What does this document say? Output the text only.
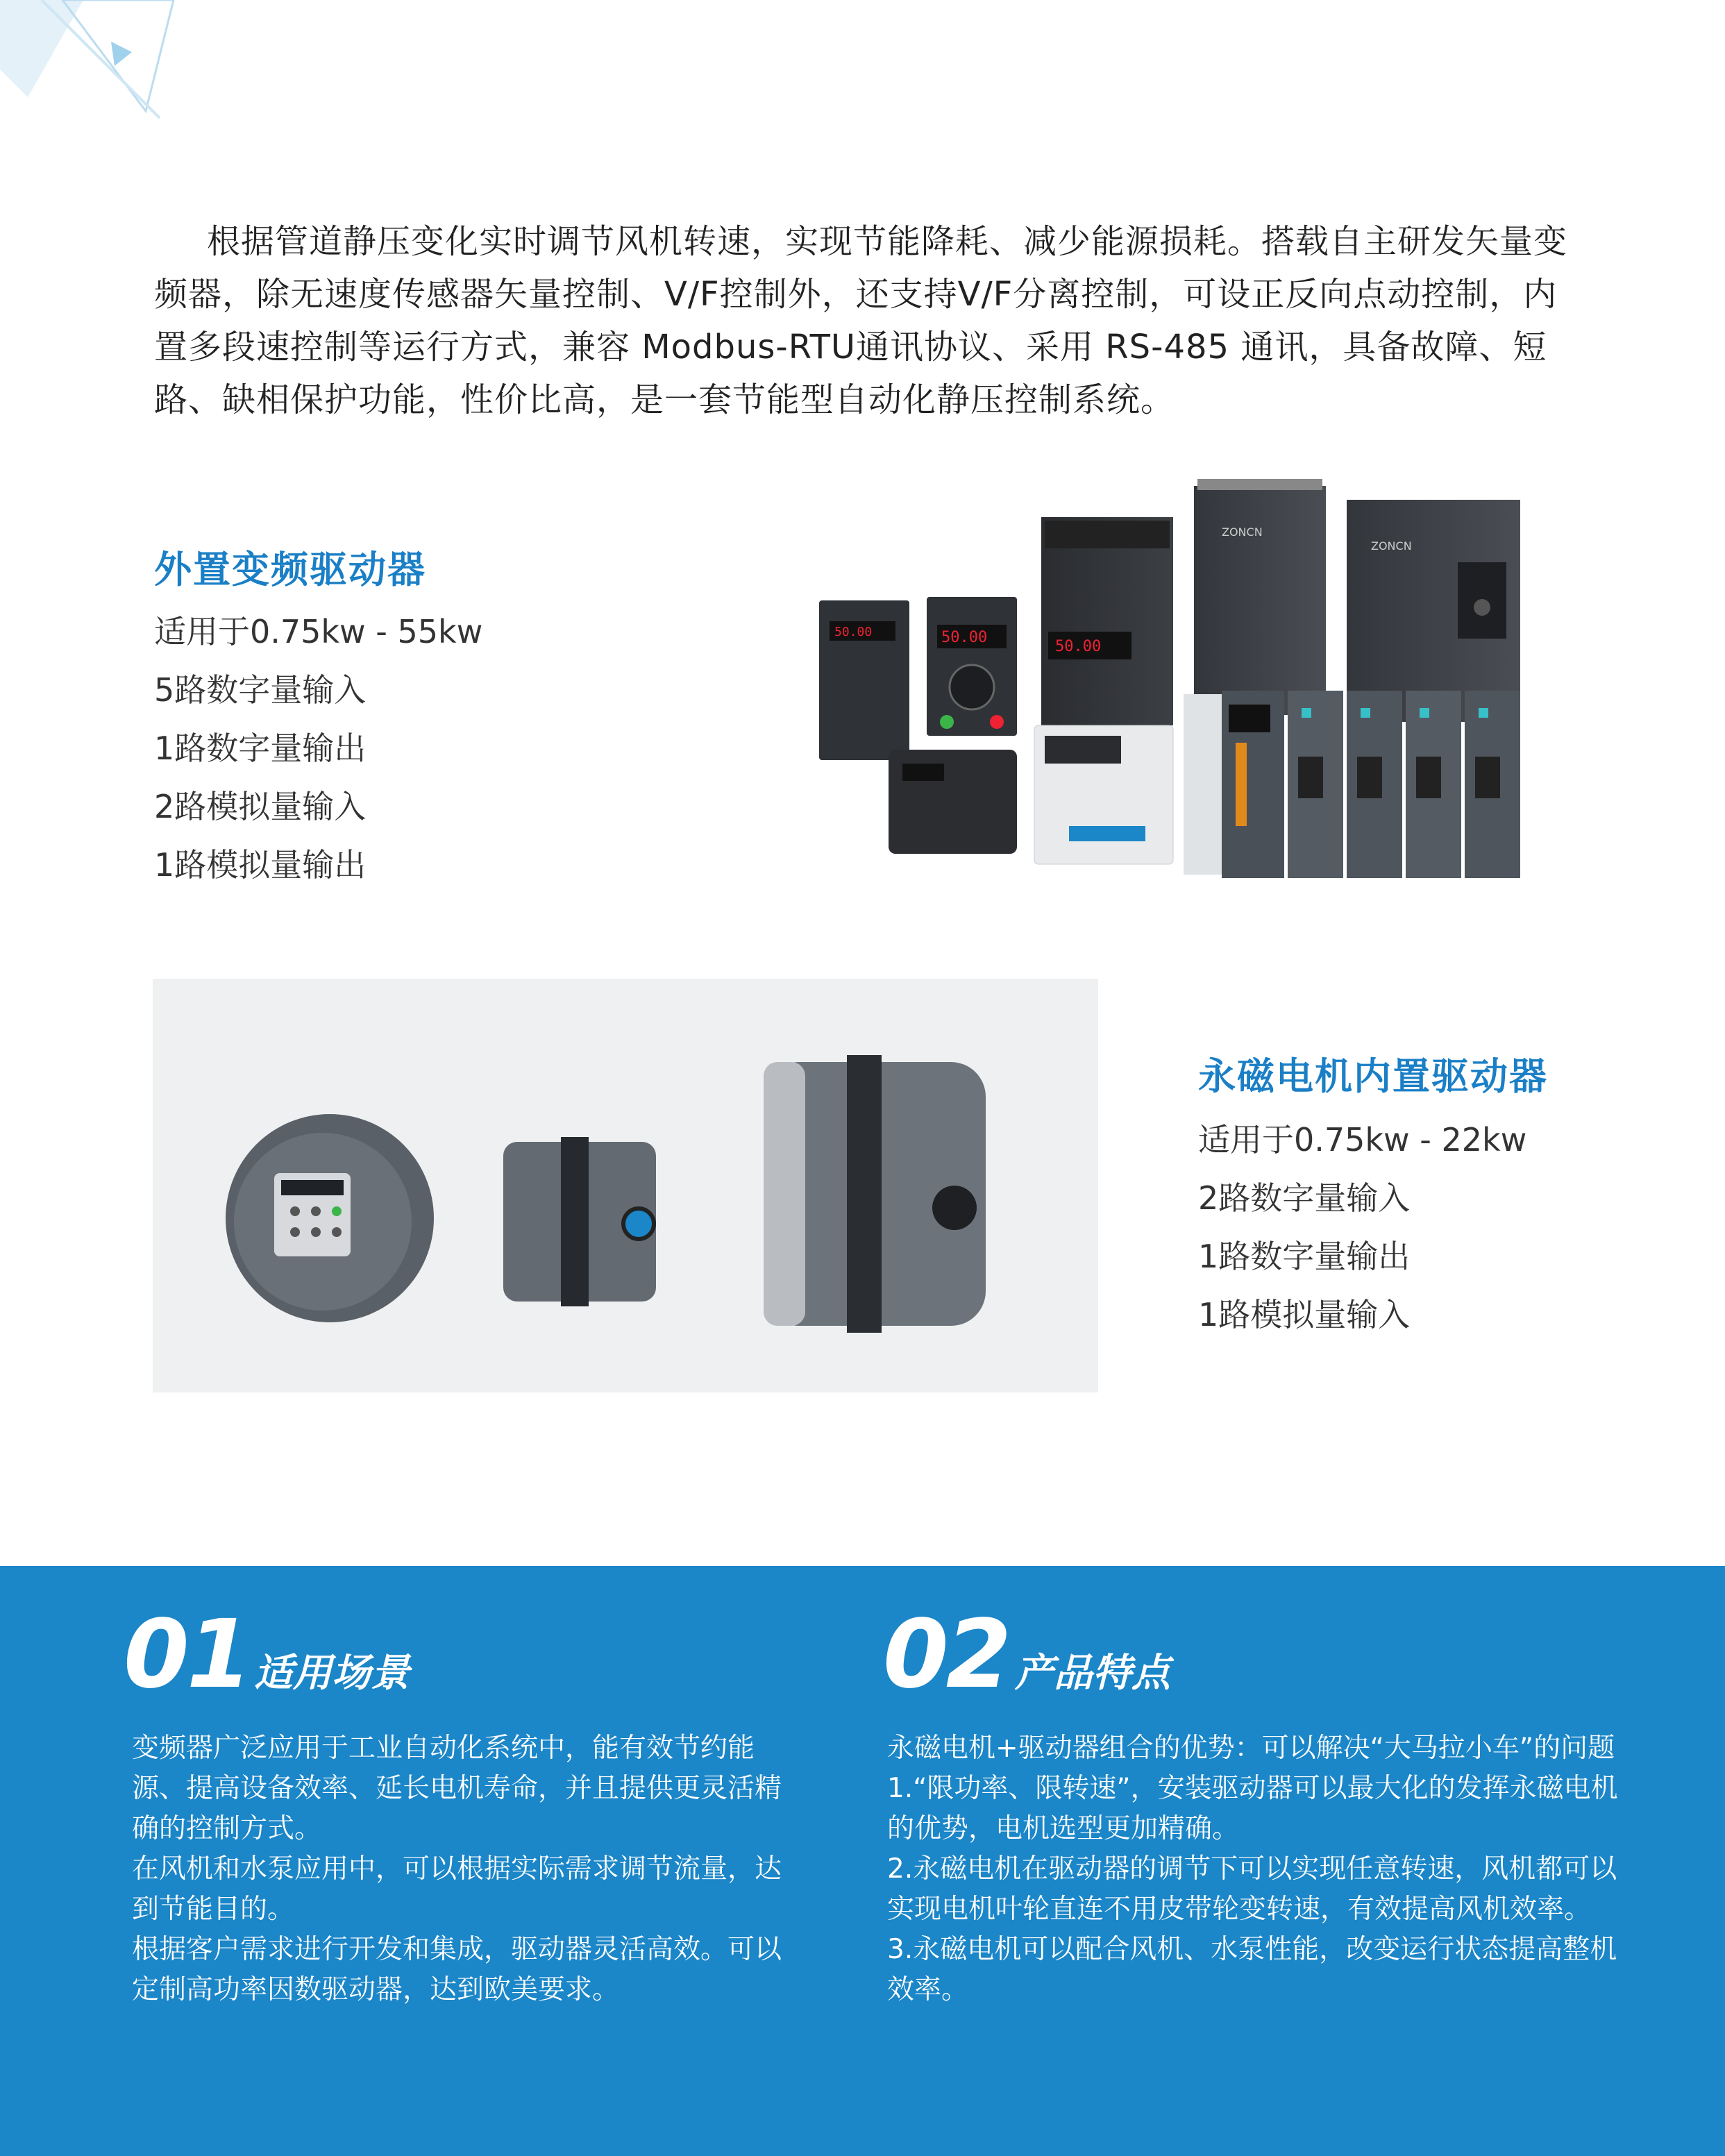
根据管道静压变化实时调节风机转速，实现节能降耗、减少能源损耗。搭载自主研发矢量变频器，除无速度传感器矢量控制、V/F控制外，还支持V/F分离控制，可设正反向点动控制，内置多段速控制等运行方式，兼容 Modbus-RTU通讯协议、采用 RS-485 通讯，具备故障、短路、缺相保护功能，性价比高，是一套节能型自动化静压控制系统。

外置变频驱动器
适用于0.75kw - 55kw
5路数字量输入
1路数字量输出
2路模拟量输入
1路模拟量输出
ZONCN
ZONCN
50.00
50.00	50.00
永磁电机内置驱动器
适用于0.75kw - 22kw
2路数字量输入
1路数字量输出
1路模拟量输入
01 适用场景

变频器广泛应用于工业自动化系统中，能有效节约能源、提高设备效率、延长电机寿命，并且提供更灵活精确的控制方式。

在风机和水泵应用中，可以根据实际需求调节流量，达到节能目的。

根据客户需求进行开发和集成，驱动器灵活高效。可以定制高功率因数驱动器，达到欧美要求。

02 产品特点

永磁电机+驱动器组合的优势：可以解决“大马拉小车”的问题

1.“限功率、限转速”，安装驱动器可以最大化的发挥永磁电机的优势，电机选型更加精确。

2.永磁电机在驱动器的调节下可以实现任意转速，风机都可以实现电机叶轮直连不用皮带轮变转速，有效提高风机效率。

3.永磁电机可以配合风机、水泵性能，改变运行状态提高整机效率。
